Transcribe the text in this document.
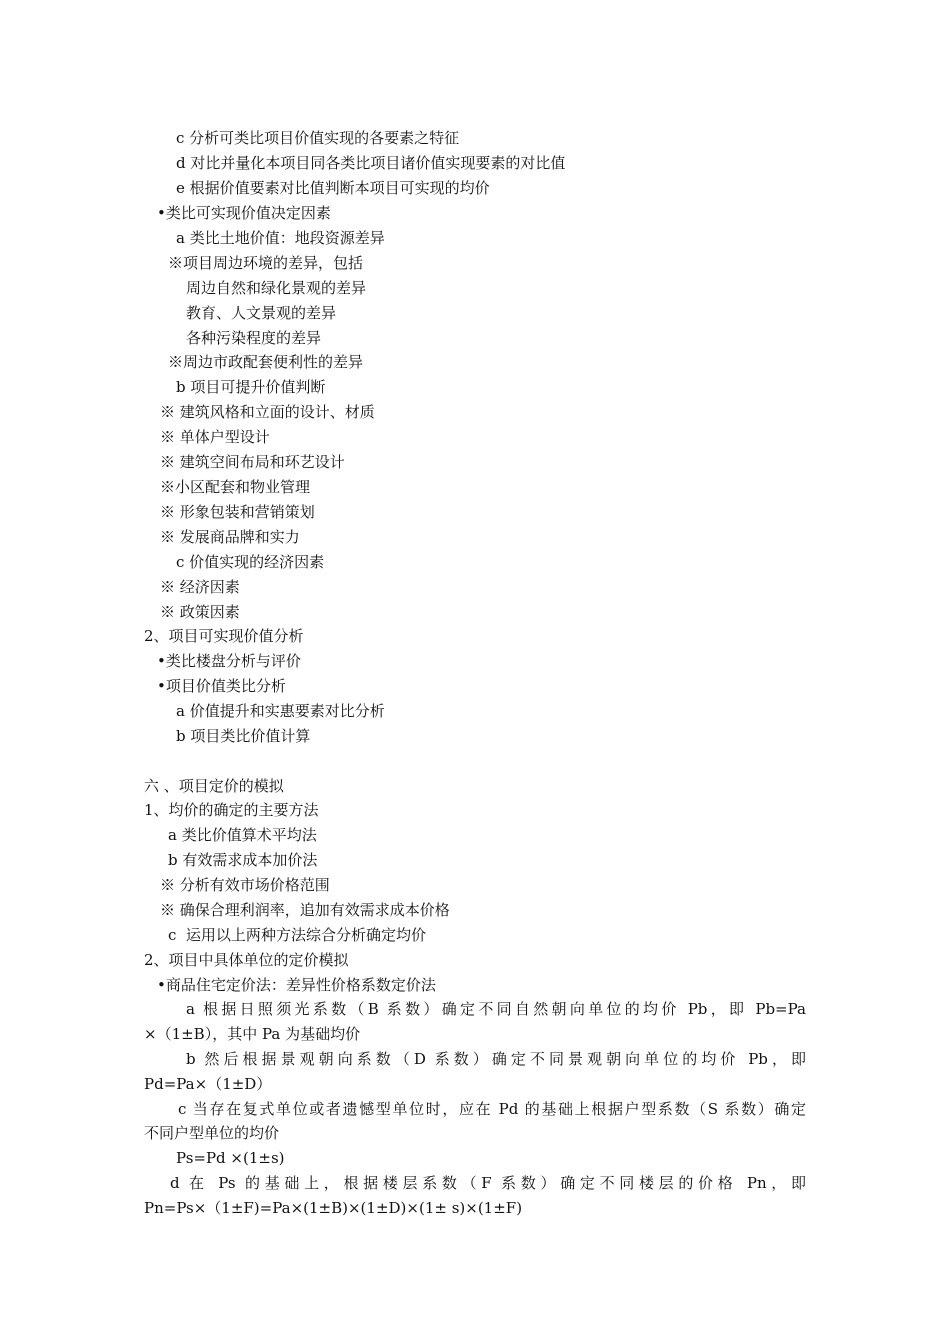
c 分析可类比项目价值实现的各要素之特征
d 对比并量化本项目同各类比项目诸价值实现要素的对比值
e 根据价值要素对比值判断本项目可实现的均价
•类比可实现价值决定因素
a 类比土地价值：地段资源差异
※项目周边环境的差异，包括
周边自然和绿化景观的差异
教育、人文景观的差异
各种污染程度的差异
※周边市政配套便利性的差异
b 项目可提升价值判断
※ 建筑风格和立面的设计、材质
※ 单体户型设计
※ 建筑空间布局和环艺设计
※小区配套和物业管理
※ 形象包装和营销策划
※ 发展商品牌和实力
c 价值实现的经济因素
※ 经济因素
※ 政策因素
2、项目可实现价值分析
•类比楼盘分析与评价
•项目价值类比分析
a 价值提升和实惠要素对比分析
b 项目类比价值计算
六 、项目定价的模拟
1、均价的确定的主要方法
a 类比价值算术平均法
b 有效需求成本加价法
※ 分析有效市场价格范围
※ 确保合理利润率，追加有效需求成本价格
c  运用以上两种方法综合分析确定均价
2、项目中具体单位的定价模拟
•商品住宅定价法：差异性价格系数定价法
a 根据日照须光系数（B 系数）确定不同自然朝向单位的均价 Pb，即 Pb=Pa
×（1±B），其中 Pa 为基础均价
b 然后根据景观朝向系数（D 系数）确定不同景观朝向单位的均价 Pb，即
Pd=Pa×（1±D）
c 当存在复式单位或者遗憾型单位时，应在 Pd 的基础上根据户型系数（S 系数）确定
不同户型单位的均价
Ps=Pd ×(1±s)
d 在 Ps 的基础上，根据楼层系数（F 系数）确定不同楼层的价格 Pn，即
Pn=Ps×（1±F)=Pa×(1±B)×(1±D)×(1± s)×(1±F)
